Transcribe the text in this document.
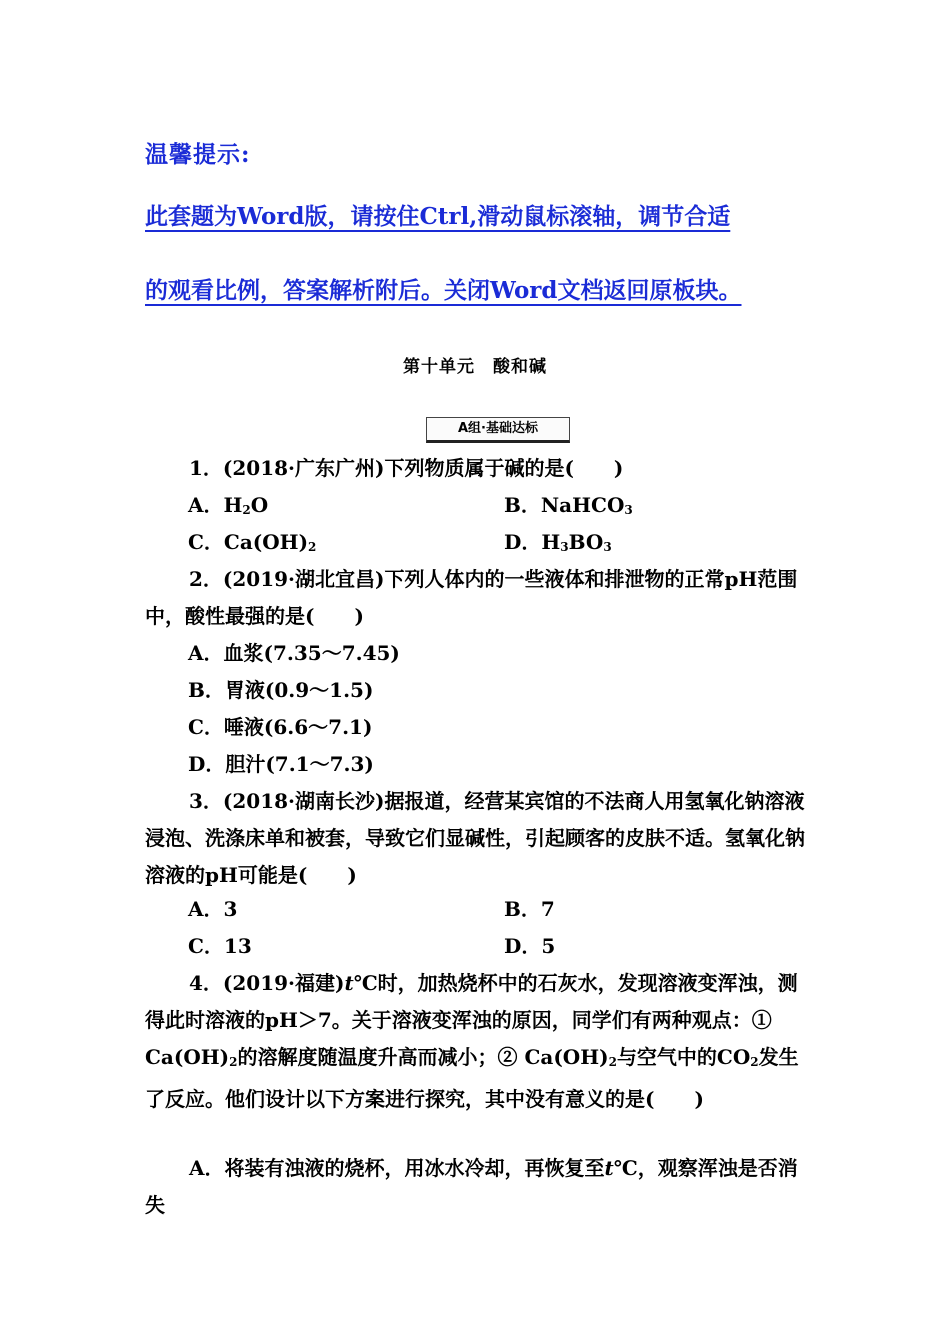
温馨提示:
此套题为Word版，请按住Ctrl,滑动鼠标滚轴，调节合适
的观看比例，答案解析附后。关闭Word文档返回原板块。
第十单元　酸和碱
A组·基础达标
1．(2018·广东广州)下列物质属于碱的是(　　)
A．$H_2O$	B．NaHCO$_3$
C．$Ca(OH)_2$	D．$H_3BO_3$
2．(2019·湖北宜昌)下列人体内的一些液体和排泄物的正常pH范围中，酸性最强的是(　　)
A．血浆(7.35～7.45)
B．胃液(0.9～1.5)
C．唾液(6.6～7.1)
D．胆汁(7.1～7.3)
3．(2018·湖南长沙)据报道，经营某宾馆的不法商人用氢氧化钠溶液浸泡、洗涤床单和被套，导致它们显碱性，引起顾客的皮肤不适。氢氧化钠溶液的pH可能是(　　)
A．3	B．7
C．13	D．5
4．(2019·福建)t℃时，加热烧杯中的石灰水，发现溶液变浑浊，测得此时溶液的pH＞7。关于溶液变浑浊的原因，同学们有两种观点：① $Ca(OH)_2$的溶解度随温度升高而减小；② $Ca(OH)_2$与空气中的$CO_2$发生了反应。他们设计以下方案进行探究，其中没有意义的是(　　)
A．将装有浊液的烧杯，用冰水冷却，再恢复至t℃，观察浑浊是否消失
